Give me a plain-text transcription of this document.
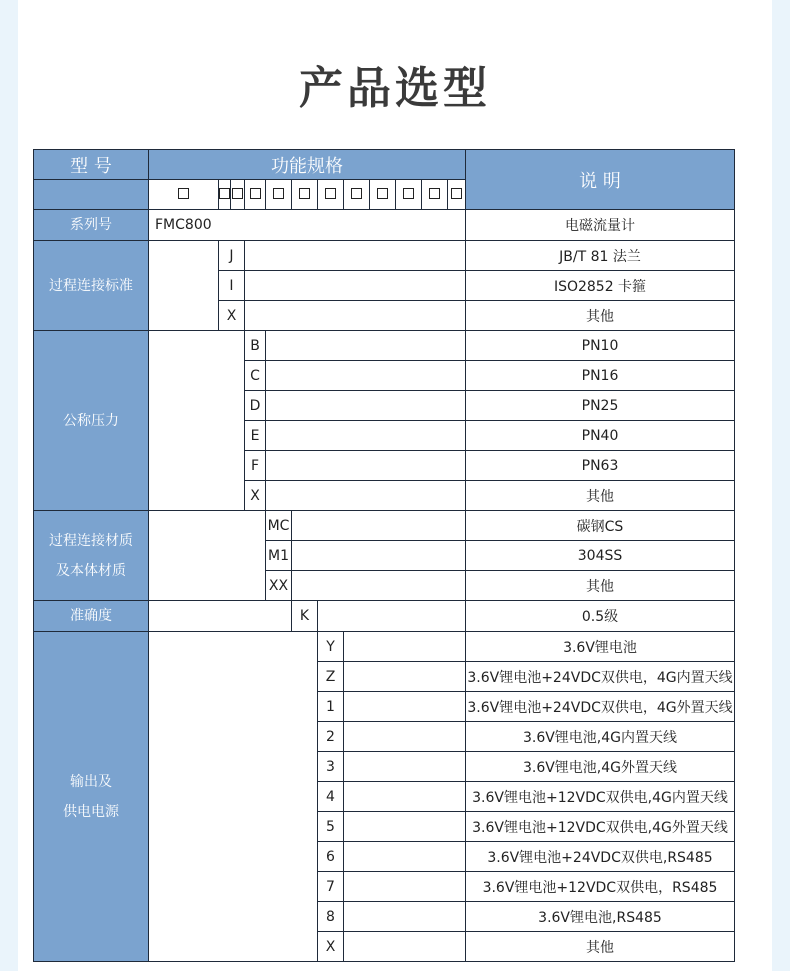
产品选型
型 号	功能规格												说 明

系列号	FMC800												电磁流量计
过程连接标准		J											JB/T 81 法兰
		I											ISO2852 卡箍
		X											其他
公称压力				B									PN10
				C									PN16
				D									PN25
				E									PN40
				F									PN63
				X									其他

过程连接材质
及本体材质					MC								碳钢CS
					M1								304SS
					XX								其他
准确度						K							0.5级

输出及
供电电源							Y						3.6V锂电池
							Z						3.6V锂电池+24VDC双供电，4G内置天线
							1						3.6V锂电池+24VDC双供电，4G外置天线
							2						3.6V锂电池,4G内置天线
							3						3.6V锂电池,4G外置天线
							4						3.6V锂电池+12VDC双供电,4G内置天线
							5						3.6V锂电池+12VDC双供电,4G外置天线
							6						3.6V锂电池+24VDC双供电,RS485
							7						3.6V锂电池+12VDC双供电，RS485
							8						3.6V锂电池,RS485
							X						其他
